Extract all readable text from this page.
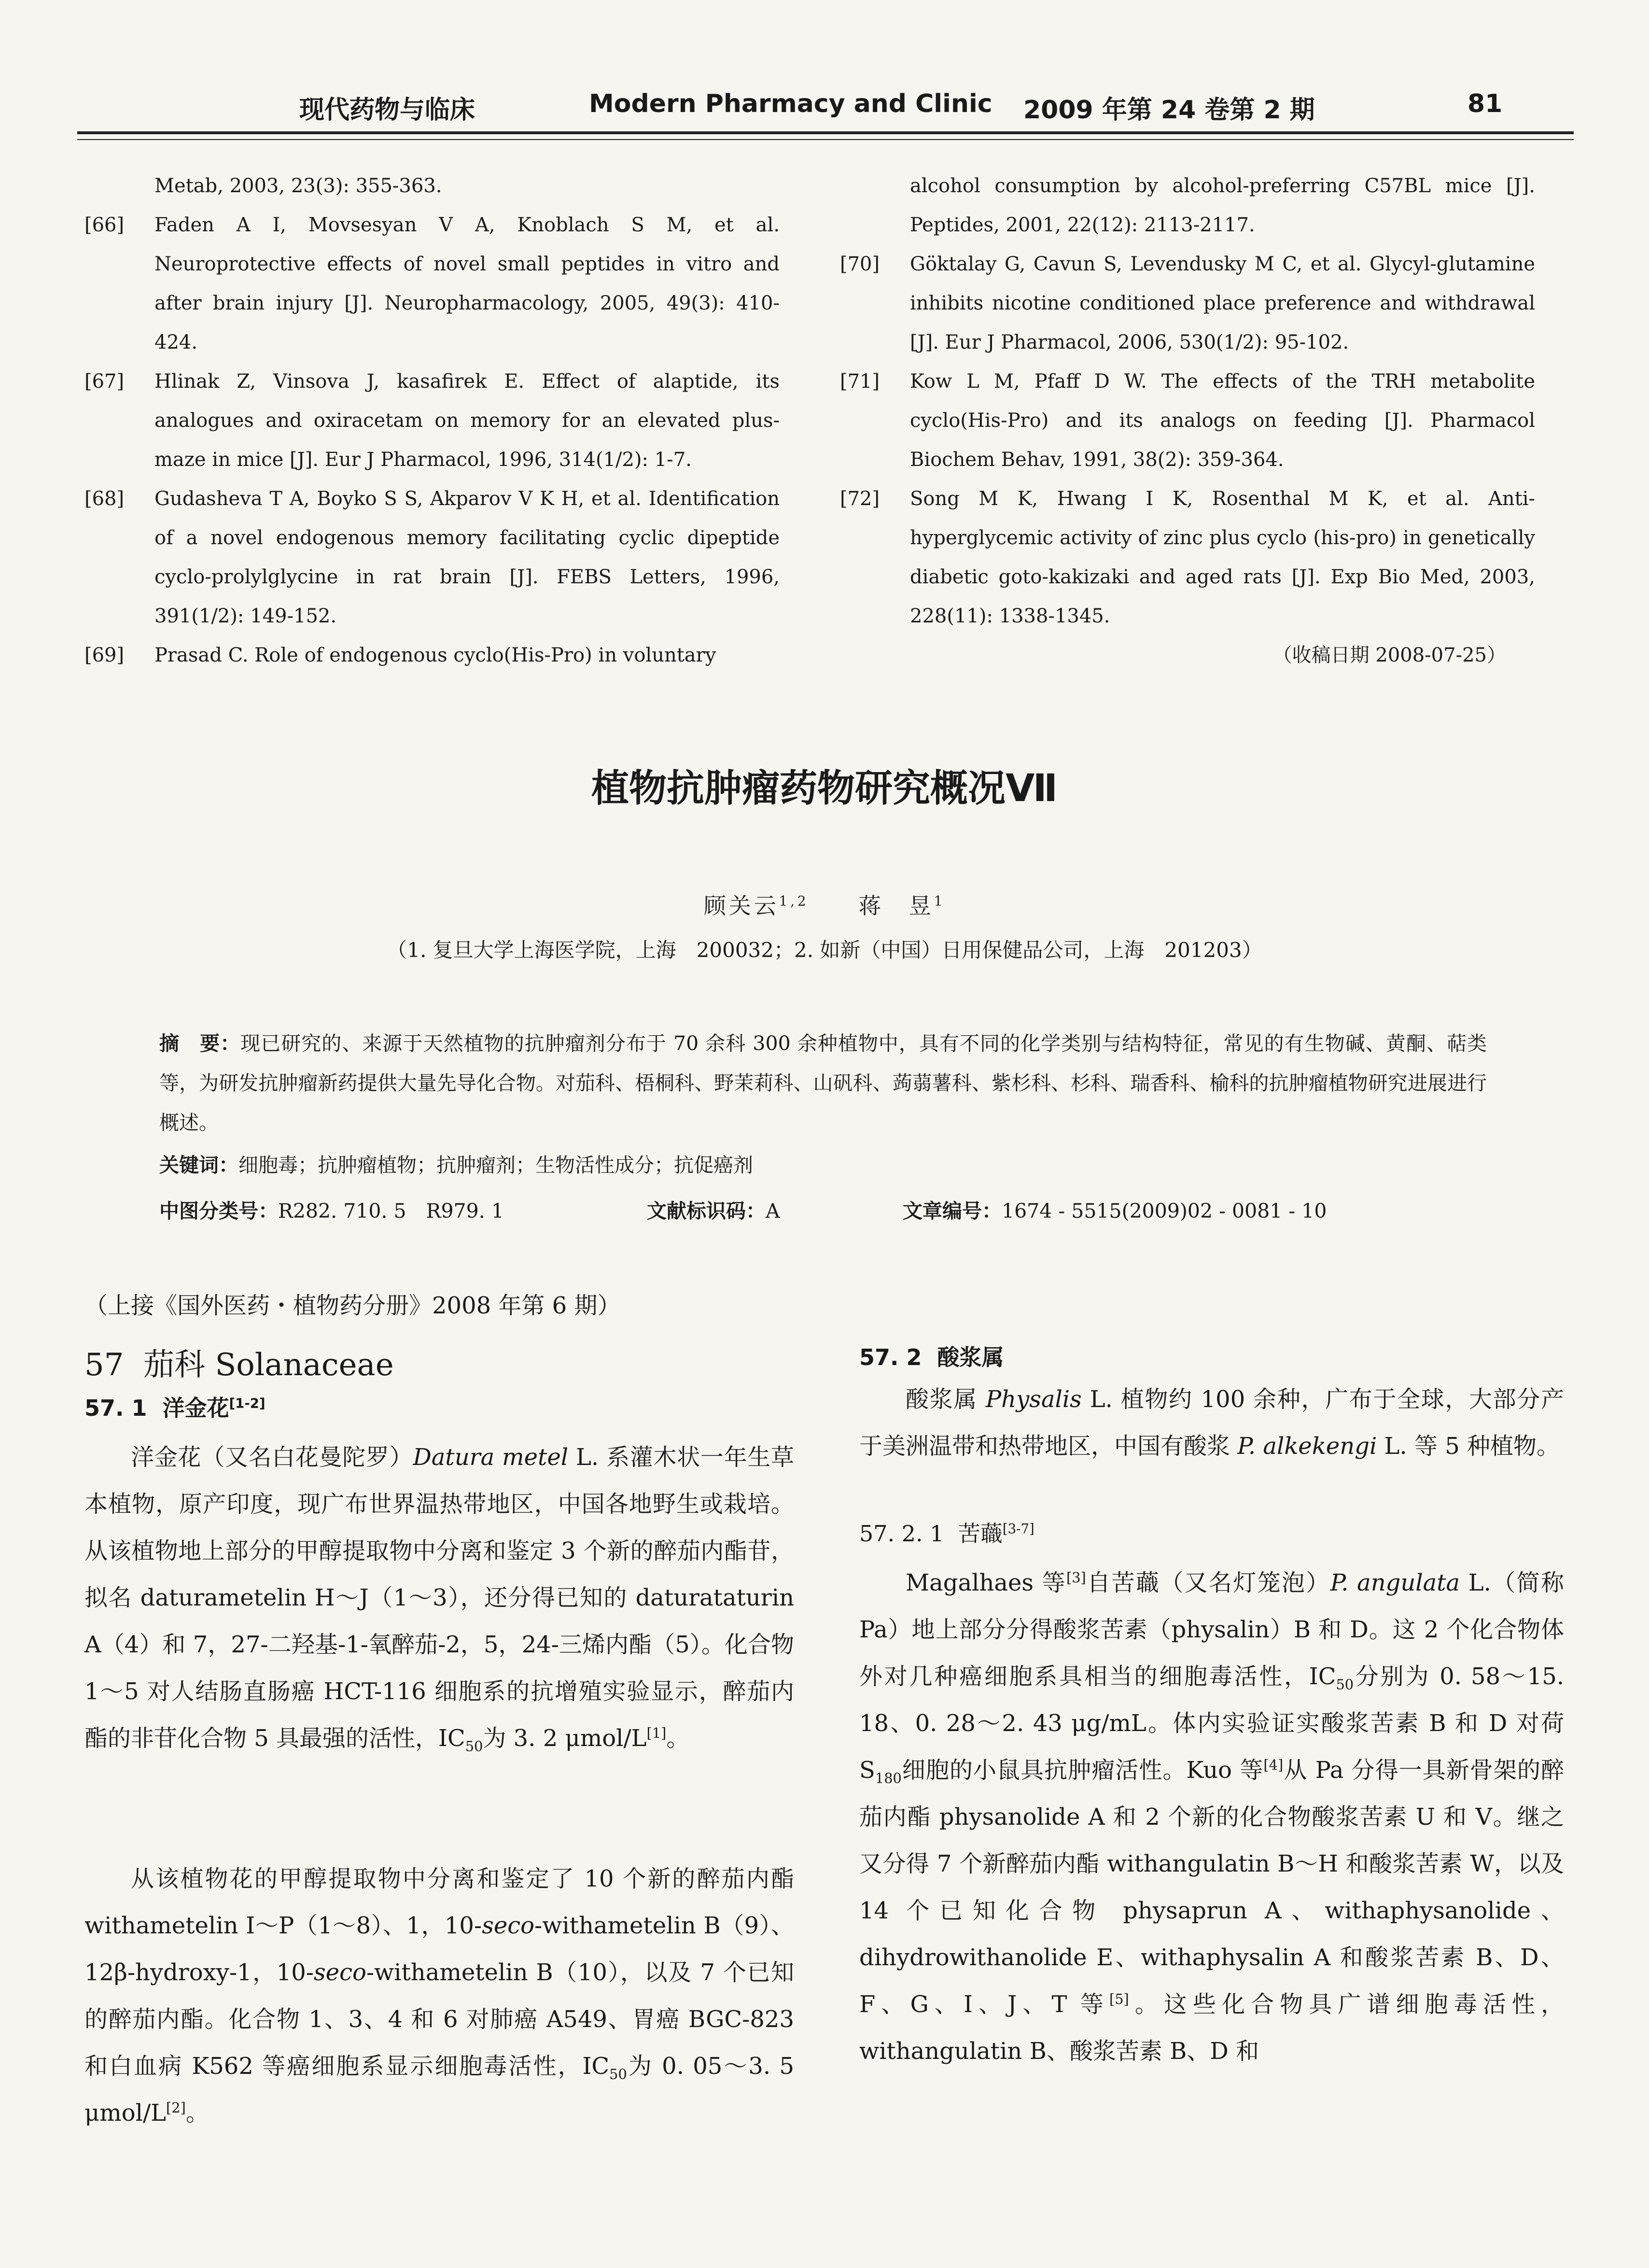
现代药物与临床	Modern Pharmacy and Clinic 2009 年第 24 卷第 2 期	81
Metab, 2003, 23(3): 355-363.
[66] Faden A I, Movsesyan V A, Knoblach S M, et al. Neuroprotective effects of novel small peptides in vitro and after brain injury [J]. Neuropharmacology, 2005, 49(3): 410-424.
[67] Hlinak Z, Vinsova J, kasafirek E. Effect of alaptide, its analogues and oxiracetam on memory for an elevated plus-maze in mice [J]. Eur J Pharmacol, 1996, 314(1/2): 1-7.
[68] Gudasheva T A, Boyko S S, Akparov V K H, et al. Identification of a novel endogenous memory facilitating cyclic dipeptide cyclo-prolylglycine in rat brain [J]. FEBS Letters, 1996, 391(1/2): 149-152.
[69] Prasad C. Role of endogenous cyclo(His-Pro) in voluntary
alcohol consumption by alcohol-preferring C57BL mice [J]. Peptides, 2001, 22(12): 2113-2117.
[70] Göktalay G, Cavun S, Levendusky M C, et al. Glycyl-glutamine inhibits nicotine conditioned place preference and withdrawal [J]. Eur J Pharmacol, 2006, 530(1/2): 95-102.
[71] Kow L M, Pfaff D W. The effects of the TRH metabolite cyclo(His-Pro) and its analogs on feeding [J]. Pharmacol Biochem Behav, 1991, 38(2): 359-364.
[72] Song M K, Hwang I K, Rosenthal M K, et al. Anti-hyperglycemic activity of zinc plus cyclo (his-pro) in genetically diabetic goto-kakizaki and aged rats [J]. Exp Bio Med, 2003, 228(11): 1338-1345.
（收稿日期 2008-07-25）
植物抗肿瘤药物研究概况Ⅶ
顾关云$^{1,2}$ 蒋　昱$^1$
（1. 复旦大学上海医学院，上海　200032；2. 如新（中国）日用保健品公司，上海　201203）
摘　要：现已研究的、来源于天然植物的抗肿瘤剂分布于 70 余科 300 余种植物中，具有不同的化学类别与结构特征，常见的有生物碱、黄酮、萜类等，为研发抗肿瘤新药提供大量先导化合物。对茄科、梧桐科、野茉莉科、山矾科、蒟蒻薯科、紫杉科、杉科、瑞香科、榆科的抗肿瘤植物研究进展进行概述。
关键词：细胞毒；抗肿瘤植物；抗肿瘤剂；生物活性成分；抗促癌剂
中图分类号：R282. 710. 5　R979. 1	文献标识码：A	文章编号：1674 - 5515(2009)02 - 0081 - 10
（上接《国外医药・植物药分册》2008 年第 6 期）
57 茄科 Solanaceae
57. 1 洋金花[1-2]

洋金花（又名白花曼陀罗）Datura metel L. 系灌木状一年生草本植物，原产印度，现广布世界温热带地区，中国各地野生或栽培。从该植物地上部分的甲醇提取物中分离和鉴定 3 个新的醉茄内酯苷，拟名 daturametelin H～J（1～3），还分得已知的 daturataturin A（4）和 7，27-二羟基-1-氧醉茄-2，5，24-三烯内酯（5）。化合物 1～5 对人结肠直肠癌 HCT-116 细胞系的抗增殖实验显示，醉茄内酯的非苷化合物 5 具最强的活性，$IC_{50}$为 3. 2 μmol/L[1]。

从该植物花的甲醇提取物中分离和鉴定了 10 个新的醉茄内酯 withametelin I～P（1～8）、1，10-seco-withametelin B（9）、12β-hydroxy-1，10-seco-withametelin B（10），以及 7 个已知的醉茄内酯。化合物 1、3、4 和 6 对肺癌 A549、胃癌 BGC-823 和白血病 K562 等癌细胞系显示细胞毒活性，$IC_{50}$为 0. 05～3. 5 μmol/L[2]。

57. 2 酸浆属

酸浆属 Physalis L. 植物约 100 余种，广布于全球，大部分产于美洲温带和热带地区，中国有酸浆 P. alkekengi L. 等 5 种植物。

57. 2. 1 苦蘵[3-7]

Magalhaes 等[3]自苦蘵（又名灯笼泡）P. angulata L.（简称 Pa）地上部分分得酸浆苦素（physalin）B 和 D。这 2 个化合物体外对几种癌细胞系具相当的细胞毒活性，$IC_{50}$分别为 0. 58～15. 18、0. 28～2. 43 μg/mL。体内实验证实酸浆苦素 B 和 D 对荷 $S_{180}$细胞的小鼠具抗肿瘤活性。Kuo 等[4]从 Pa 分得一具新骨架的醉茄内酯 physanolide A 和 2 个新的化合物酸浆苦素 U 和 V。继之又分得 7 个新醉茄内酯 withangulatin B～H 和酸浆苦素 W，以及 14 个已知化合物 physaprun A、withaphysanolide、dihydrowithanolide E、withaphysalin A 和酸浆苦素 B、D、F、G、I、J、T 等[5]。这些化合物具广谱细胞毒活性，withangulatin B、酸浆苦素 B、D 和
